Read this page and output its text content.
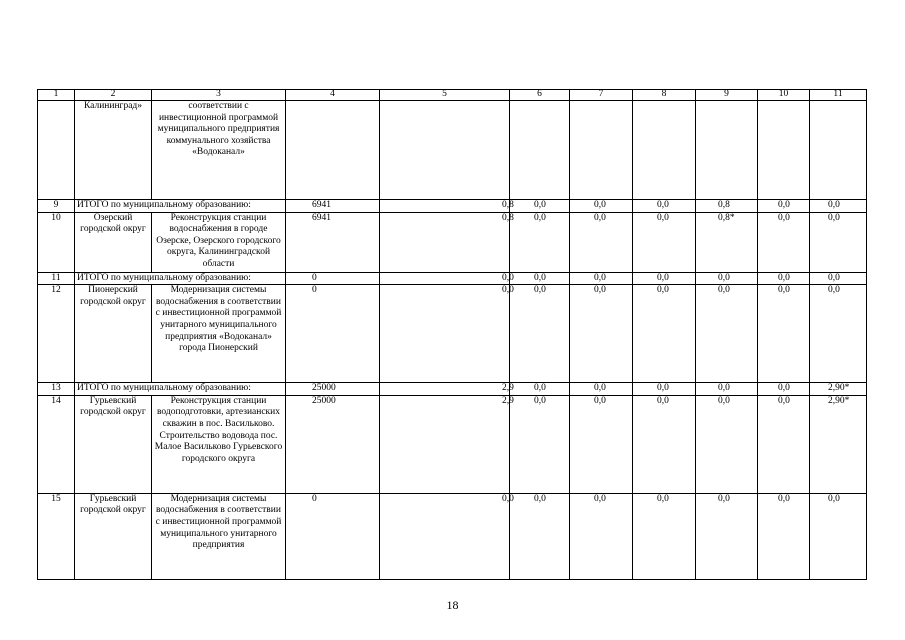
1	2	3	4	5	6	7	8	9	10	11
	Калининград»	соответствии с инвестиционной программой муниципального предприятия коммунального хозяйства «Водоканал»								
9	ИТОГО по муниципальному образованию:		6941	0,8	0,0	0,0	0,0	0,8	0,0	0,0
10	Озерский городской округ	Реконструкция станции водоснабжения в городе Озерске, Озерского городского округа, Калининградской области	6941	0,8	0,0	0,0	0,0	0,8*	0,0	0,0
11	ИТОГО по муниципальному образованию:		0	0,0	0,0	0,0	0,0	0,0	0,0	0,0
12	Пионерский городской округ	Модернизация системы водоснабжения в соответствии с инвестиционной программой унитарного муниципального предприятия «Водоканал» города Пионерский	0	0,0	0,0	0,0	0,0	0,0	0,0	0,0
13	ИТОГО по муниципальному образованию:		25000	2,9	0,0	0,0	0,0	0,0	0,0	2,90*
14	Гурьевский городской округ	Реконструкция станции водоподготовки, артезианских скважин в пос. Васильково. Строительство водовода пос. Малое Васильково Гурьевского городского округа	25000	2,9	0,0	0,0	0,0	0,0	0,0	2,90*
15	Гурьевский городской округ	Модернизация системы водоснабжения в соответствии с инвестиционной программой муниципального унитарного предприятия	0	0,0	0,0	0,0	0,0	0,0	0,0	0,0
18
